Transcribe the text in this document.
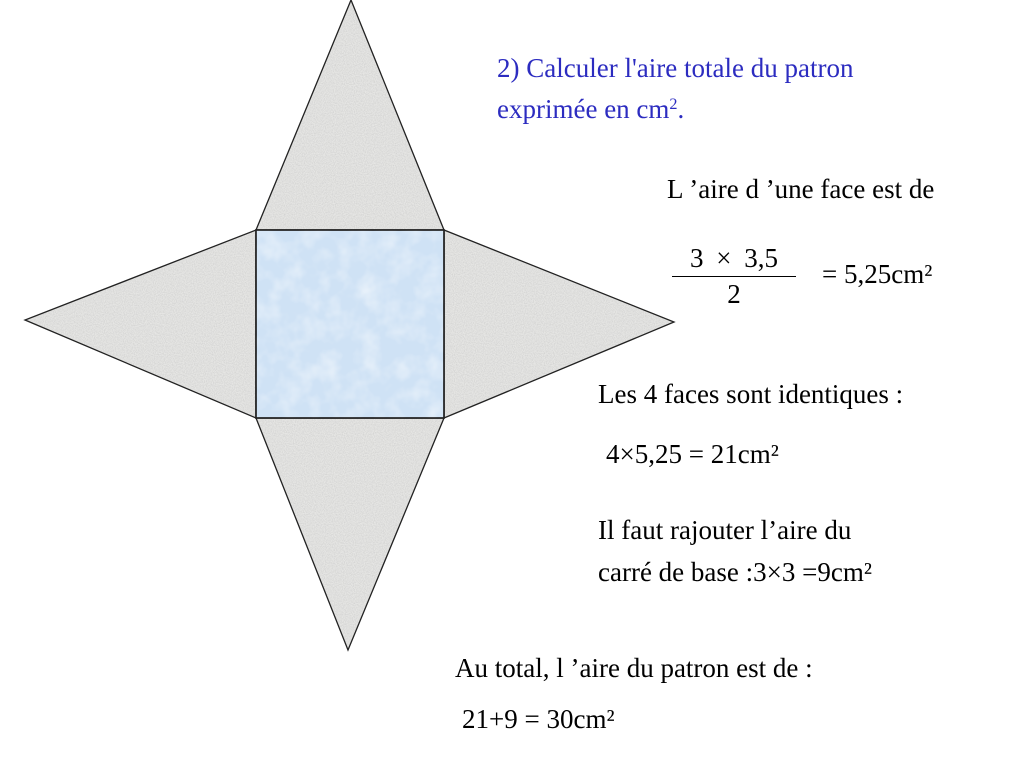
2) Calculer l'aire totale du patron
exprimée en $cm^2$.
L ’aire d ’une face est de
$\frac{3 \times 3,5}{2} = 5,25cm^2$
Les 4 faces sont identiques :
4×5,25 = 21cm²
Il faut rajouter l’aire du
carré de base :3×3 =9cm²
Au total, l ’aire du patron est de :
21+9 = 30cm²
